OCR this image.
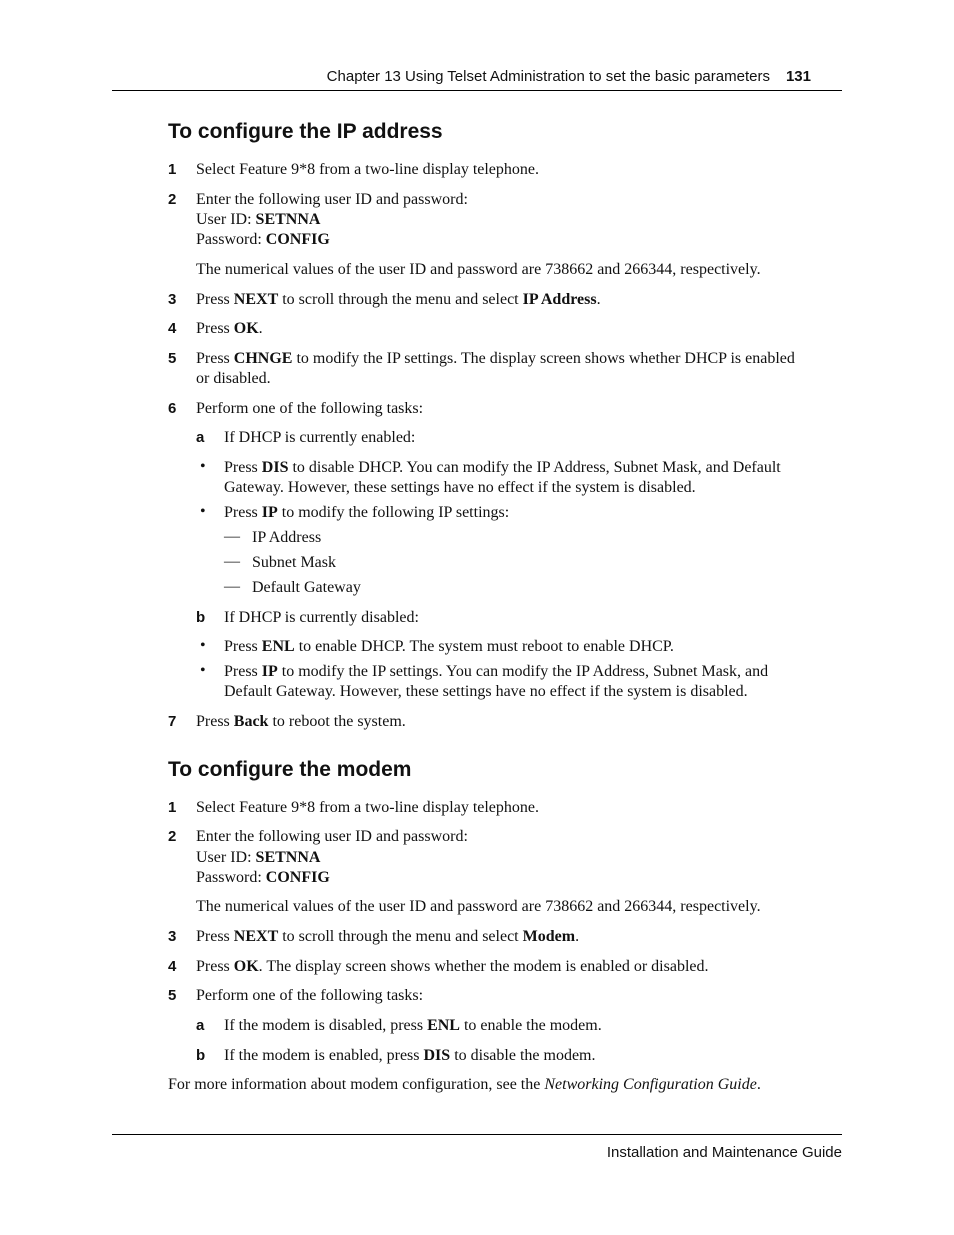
Chapter 13 Using Telset Administration to set the basic parameters 131
To configure the IP address
1 Select Feature 9*8 from a two-line display telephone.
2 Enter the following user ID and password:
User ID: SETNNA
Password: CONFIG
The numerical values of the user ID and password are 738662 and 266344, respectively.
3 Press NEXT to scroll through the menu and select IP Address.
4 Press OK.
5 Press CHNGE to modify the IP settings. The display screen shows whether DHCP is enabled
or disabled.
6 Perform one of the following tasks:
a If DHCP is currently enabled:
• Press DIS to disable DHCP. You can modify the IP Address, Subnet Mask, and Default
Gateway. However, these settings have no effect if the system is disabled.
• Press IP to modify the following IP settings:
— IP Address
— Subnet Mask
— Default Gateway
b If DHCP is currently disabled:
• Press ENL to enable DHCP. The system must reboot to enable DHCP.
• Press IP to modify the IP settings. You can modify the IP Address, Subnet Mask, and
Default Gateway. However, these settings have no effect if the system is disabled.
7 Press Back to reboot the system.
To configure the modem
1 Select Feature 9*8 from a two-line display telephone.
2 Enter the following user ID and password:
User ID: SETNNA
Password: CONFIG
The numerical values of the user ID and password are 738662 and 266344, respectively.
3 Press NEXT to scroll through the menu and select Modem.
4 Press OK. The display screen shows whether the modem is enabled or disabled.
5 Perform one of the following tasks:
a If the modem is disabled, press ENL to enable the modem.
b If the modem is enabled, press DIS to disable the modem.
For more information about modem configuration, see the Networking Configuration Guide.
Installation and Maintenance Guide
